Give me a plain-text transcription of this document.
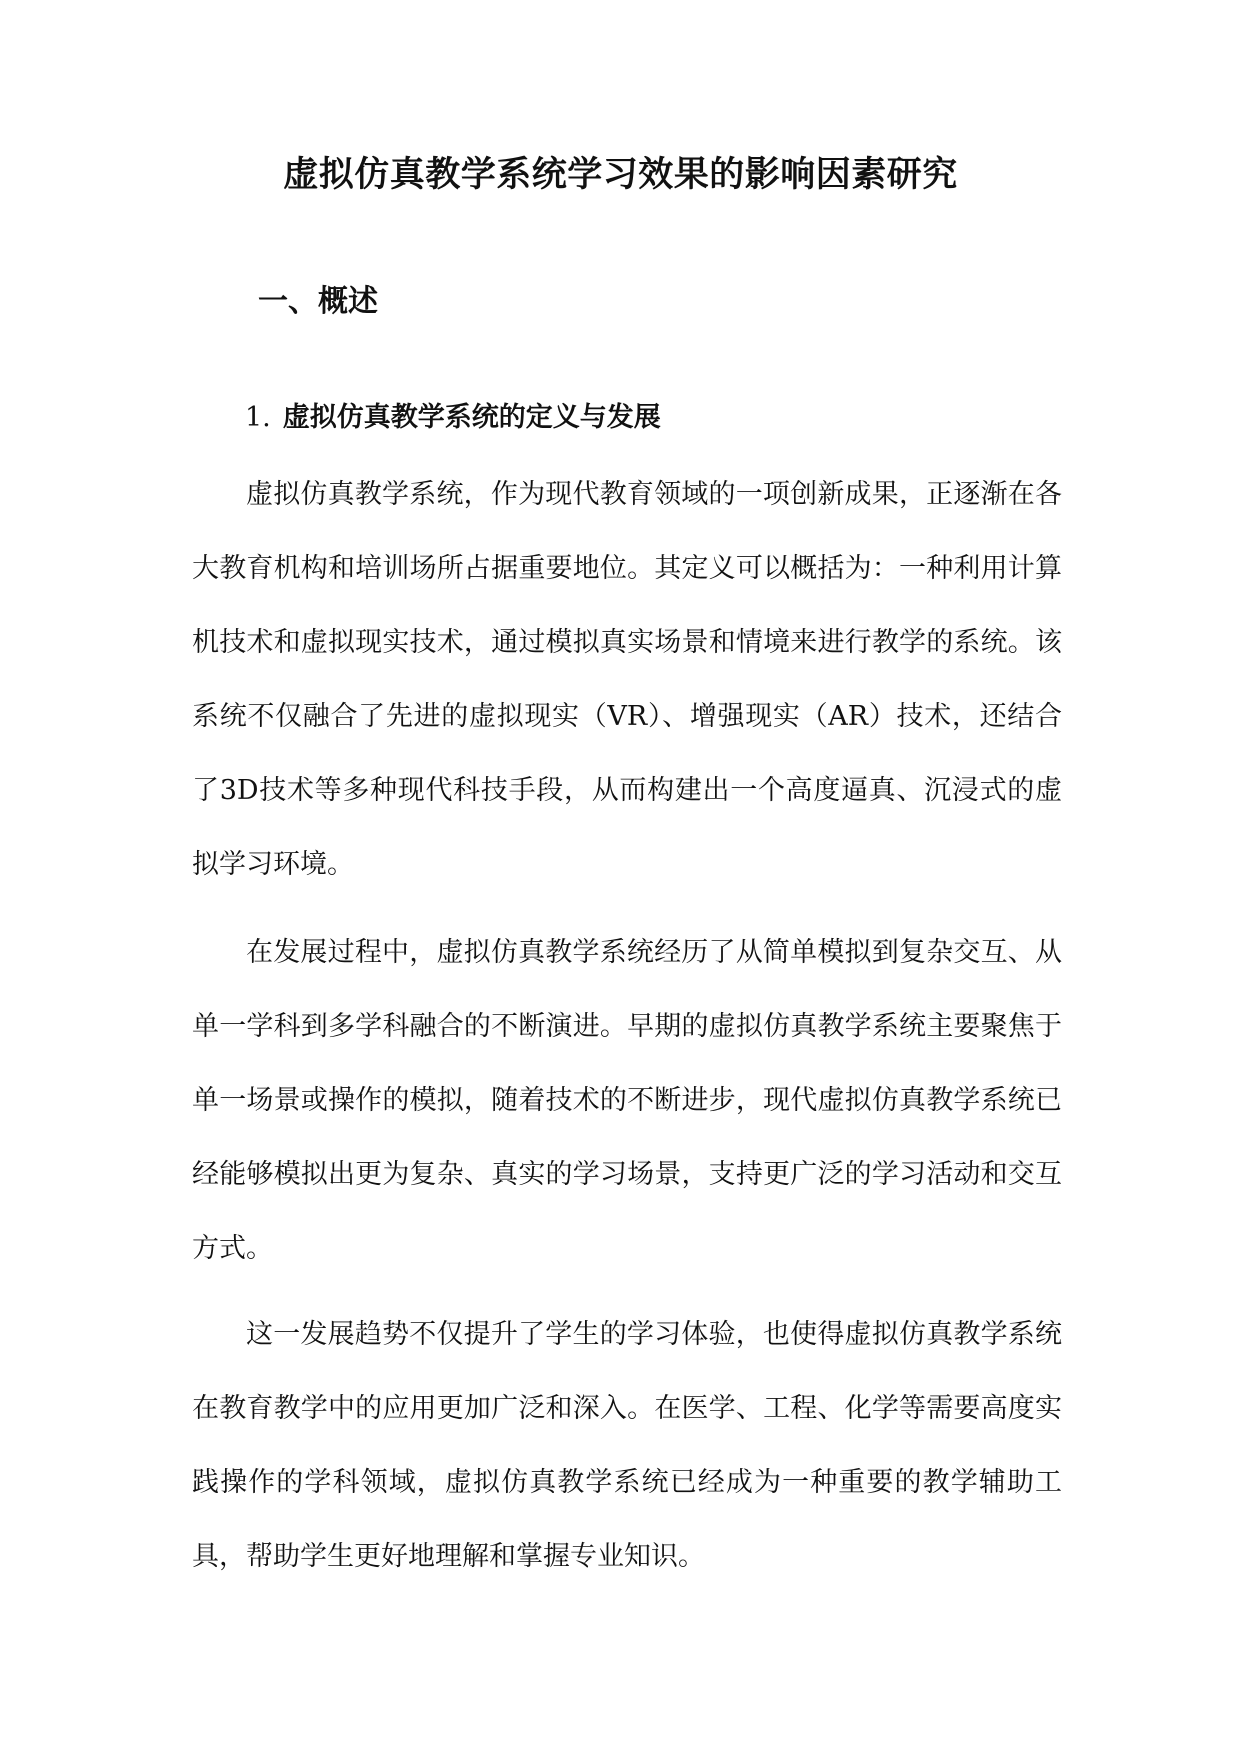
虚拟仿真教学系统学习效果的影响因素研究
一、概述
1. 虚拟仿真教学系统的定义与发展

虚拟仿真教学系统，作为现代教育领域的一项创新成果，正逐渐在各大教育机构和培训场所占据重要地位。其定义可以概括为：一种利用计算机技术和虚拟现实技术，通过模拟真实场景和情境来进行教学的系统。该系统不仅融合了先进的虚拟现实（VR）、增强现实（AR）技术，还结合了3D技术等多种现代科技手段，从而构建出一个高度逼真、沉浸式的虚拟学习环境。

在发展过程中，虚拟仿真教学系统经历了从简单模拟到复杂交互、从单一学科到多学科融合的不断演进。早期的虚拟仿真教学系统主要聚焦于单一场景或操作的模拟，随着技术的不断进步，现代虚拟仿真教学系统已经能够模拟出更为复杂、真实的学习场景，支持更广泛的学习活动和交互方式。

这一发展趋势不仅提升了学生的学习体验，也使得虚拟仿真教学系统在教育教学中的应用更加广泛和深入。在医学、工程、化学等需要高度实践操作的学科领域，虚拟仿真教学系统已经成为一种重要的教学辅助工具，帮助学生更好地理解和掌握专业知识。
